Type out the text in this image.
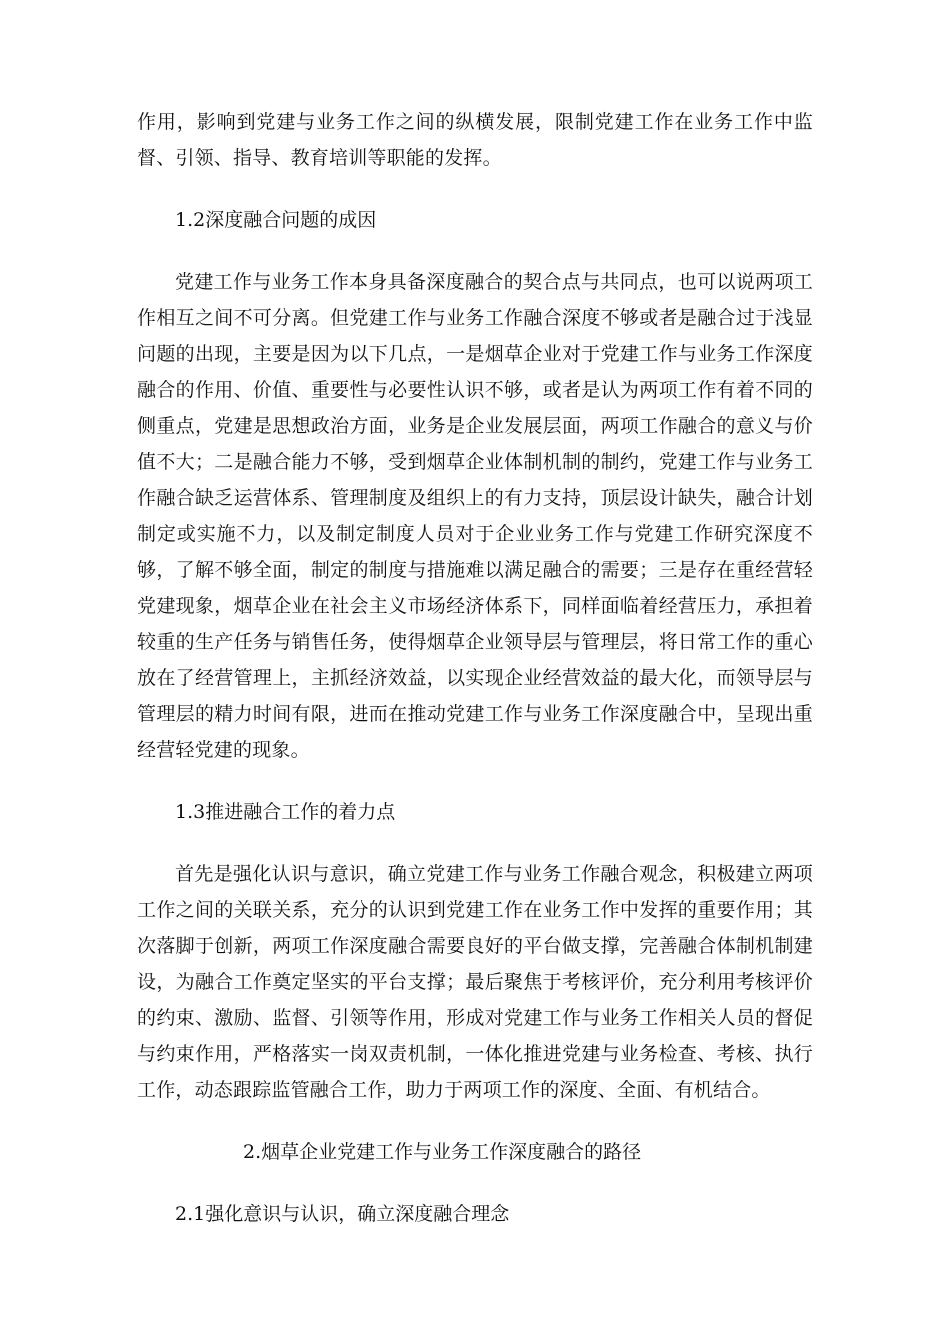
作用，影响到党建与业务工作之间的纵横发展，限制党建工作在业务工作中监督、引领、指导、教育培训等职能的发挥。

1.2深度融合问题的成因

党建工作与业务工作本身具备深度融合的契合点与共同点，也可以说两项工作相互之间不可分离。但党建工作与业务工作融合深度不够或者是融合过于浅显问题的出现，主要是因为以下几点，一是烟草企业对于党建工作与业务工作深度融合的作用、价值、重要性与必要性认识不够，或者是认为两项工作有着不同的侧重点，党建是思想政治方面，业务是企业发展层面，两项工作融合的意义与价值不大；二是融合能力不够，受到烟草企业体制机制的制约，党建工作与业务工作融合缺乏运营体系、管理制度及组织上的有力支持，顶层设计缺失，融合计划制定或实施不力，以及制定制度人员对于企业业务工作与党建工作研究深度不够，了解不够全面，制定的制度与措施难以满足融合的需要；三是存在重经营轻党建现象，烟草企业在社会主义市场经济体系下，同样面临着经营压力，承担着较重的生产任务与销售任务，使得烟草企业领导层与管理层，将日常工作的重心放在了经营管理上，主抓经济效益，以实现企业经营效益的最大化，而领导层与管理层的精力时间有限，进而在推动党建工作与业务工作深度融合中，呈现出重经营轻党建的现象。

1.3推进融合工作的着力点

首先是强化认识与意识，确立党建工作与业务工作融合观念，积极建立两项工作之间的关联关系，充分的认识到党建工作在业务工作中发挥的重要作用；其次落脚于创新，两项工作深度融合需要良好的平台做支撑，完善融合体制机制建设，为融合工作奠定坚实的平台支撑；最后聚焦于考核评价，充分利用考核评价的约束、激励、监督、引领等作用，形成对党建工作与业务工作相关人员的督促与约束作用，严格落实一岗双责机制，一体化推进党建与业务检查、考核、执行工作，动态跟踪监管融合工作，助力于两项工作的深度、全面、有机结合。

2.烟草企业党建工作与业务工作深度融合的路径

2.1强化意识与认识，确立深度融合理念
